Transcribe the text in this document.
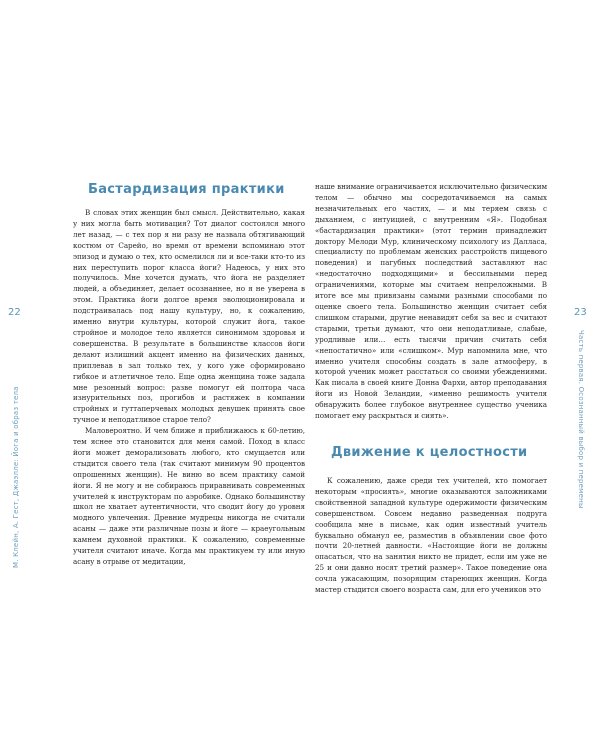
22
М. Клейн, А. Гест, Джаэлле: Йога и образ тела
Бастардизация практики

В словах этих женщин был смысл. Действительно, какая у них могла быть мотивация? Тот диалог состоялся много лет назад, — с тех пор я ни разу не назвала обтягивающий костюм от Сарейо, но время от времени вспоминаю этот эпизод и думаю о тех, кто осмелился ли и все-таки кто-то из них переступить порог класса йоги? Надеюсь, у них это получилось. Мне хочется думать, что йога не разделяет людей, а объединяет, делает осознаннее, но я не уверена в этом. Практика йоги долгое время эволюционировала и подстраивалась под нашу культуру, но, к сожалению, именно внутри культуры, которой служит йога, такое стройное и молодое тело является синонимом здоровья и совершенства. В результате в большинстве классов йоги делают излишний акцент именно на физических данных, приплевав в зал только тех, у кого уже сформировано гибкое и атлетичное тело. Еще одна женщина тоже задала мне резонный вопрос: разве помогут ей полтора часа изнурительных поз, прогибов и растяжек в компании стройных и гуттаперчевых молодых девушек принять свое тучное и неподатливое старое тело?

Маловероятно. И чем ближе я приближаюсь к 60-летию, тем яснее это становится для меня самой. Поход в класс йоги может деморализовать любого, кто смущается или стыдится своего тела (так считают минимум 90 процентов опрошенных женщин). Не виню во всем практику самой йоги. Я не могу и не собираюсь приравнивать современных учителей к инструкторам по аэробике. Однако большинству школ не хватает аутентичности, что сводит йогу до уровня модного увлечения. Древние мудрецы никогда не считали асаны — даже эти различные позы и йоге — краеугольным камнем духовной практики. К сожалению, современные учителя считают иначе. Когда мы практикуем ту или иную асану в отрыве от медитации,

23
Часть первая. Осознанный выбор и перемены

наше внимание ограничивается исключительно физическим телом — обычно мы сосредотачиваемся на самых незначительных его частях, — и мы теряем связь с дыханием, с интуицией, с внутренним «Я». Подобная «бастардизация практики» (этот термин принадлежит доктору Мелоди Мур, клиническому психологу из Далласа, специалисту по проблемам женских расстройств пищевого поведения) и пагубных последствий заставляют нас «недостаточно подходящими» и бессильными перед ограничениями, которые мы считаем непреложными. В итоге все мы привязаны самыми разными способами по оценке своего тела. Большинство женщин считает себя слишком старыми, другие ненавидят себя за вес и считают старыми, третьи думают, что они неподатливые, слабые, уродливые или… есть тысячи причин считать себя «непостатично» или «слишком». Мур напомнила мне, что именно учителя способны создать в зале атмосферу, в которой ученик может расстаться со своими убеждениями. Как писала в своей книге Донна Фархи, автор преподавания йоги из Новой Зеландии, «именно решимость учителя обнаружить более глубокое внутреннее существо ученика помогает ему раскрыться и сиять».

Движение к целостности

К сожалению, даже среди тех учителей, кто помогает некоторым «просиять», многие оказываются заложниками свойственной западной культуре одержимости физическим совершенством. Совсем недавно разведенная подруга сообщила мне в письме, как один известный учитель буквально обманул ее, разместив в объявлении свое фото почти 20-летней давности. «Настоящие йоги не должны опасаться, что на занятия никто не придет, если им уже не 25 и они давно носят третий размер». Такое поведение она сочла ужасающим, позорящим стареющих женщин. Когда мастер стыдится своего возраста сам, для его учеников это
